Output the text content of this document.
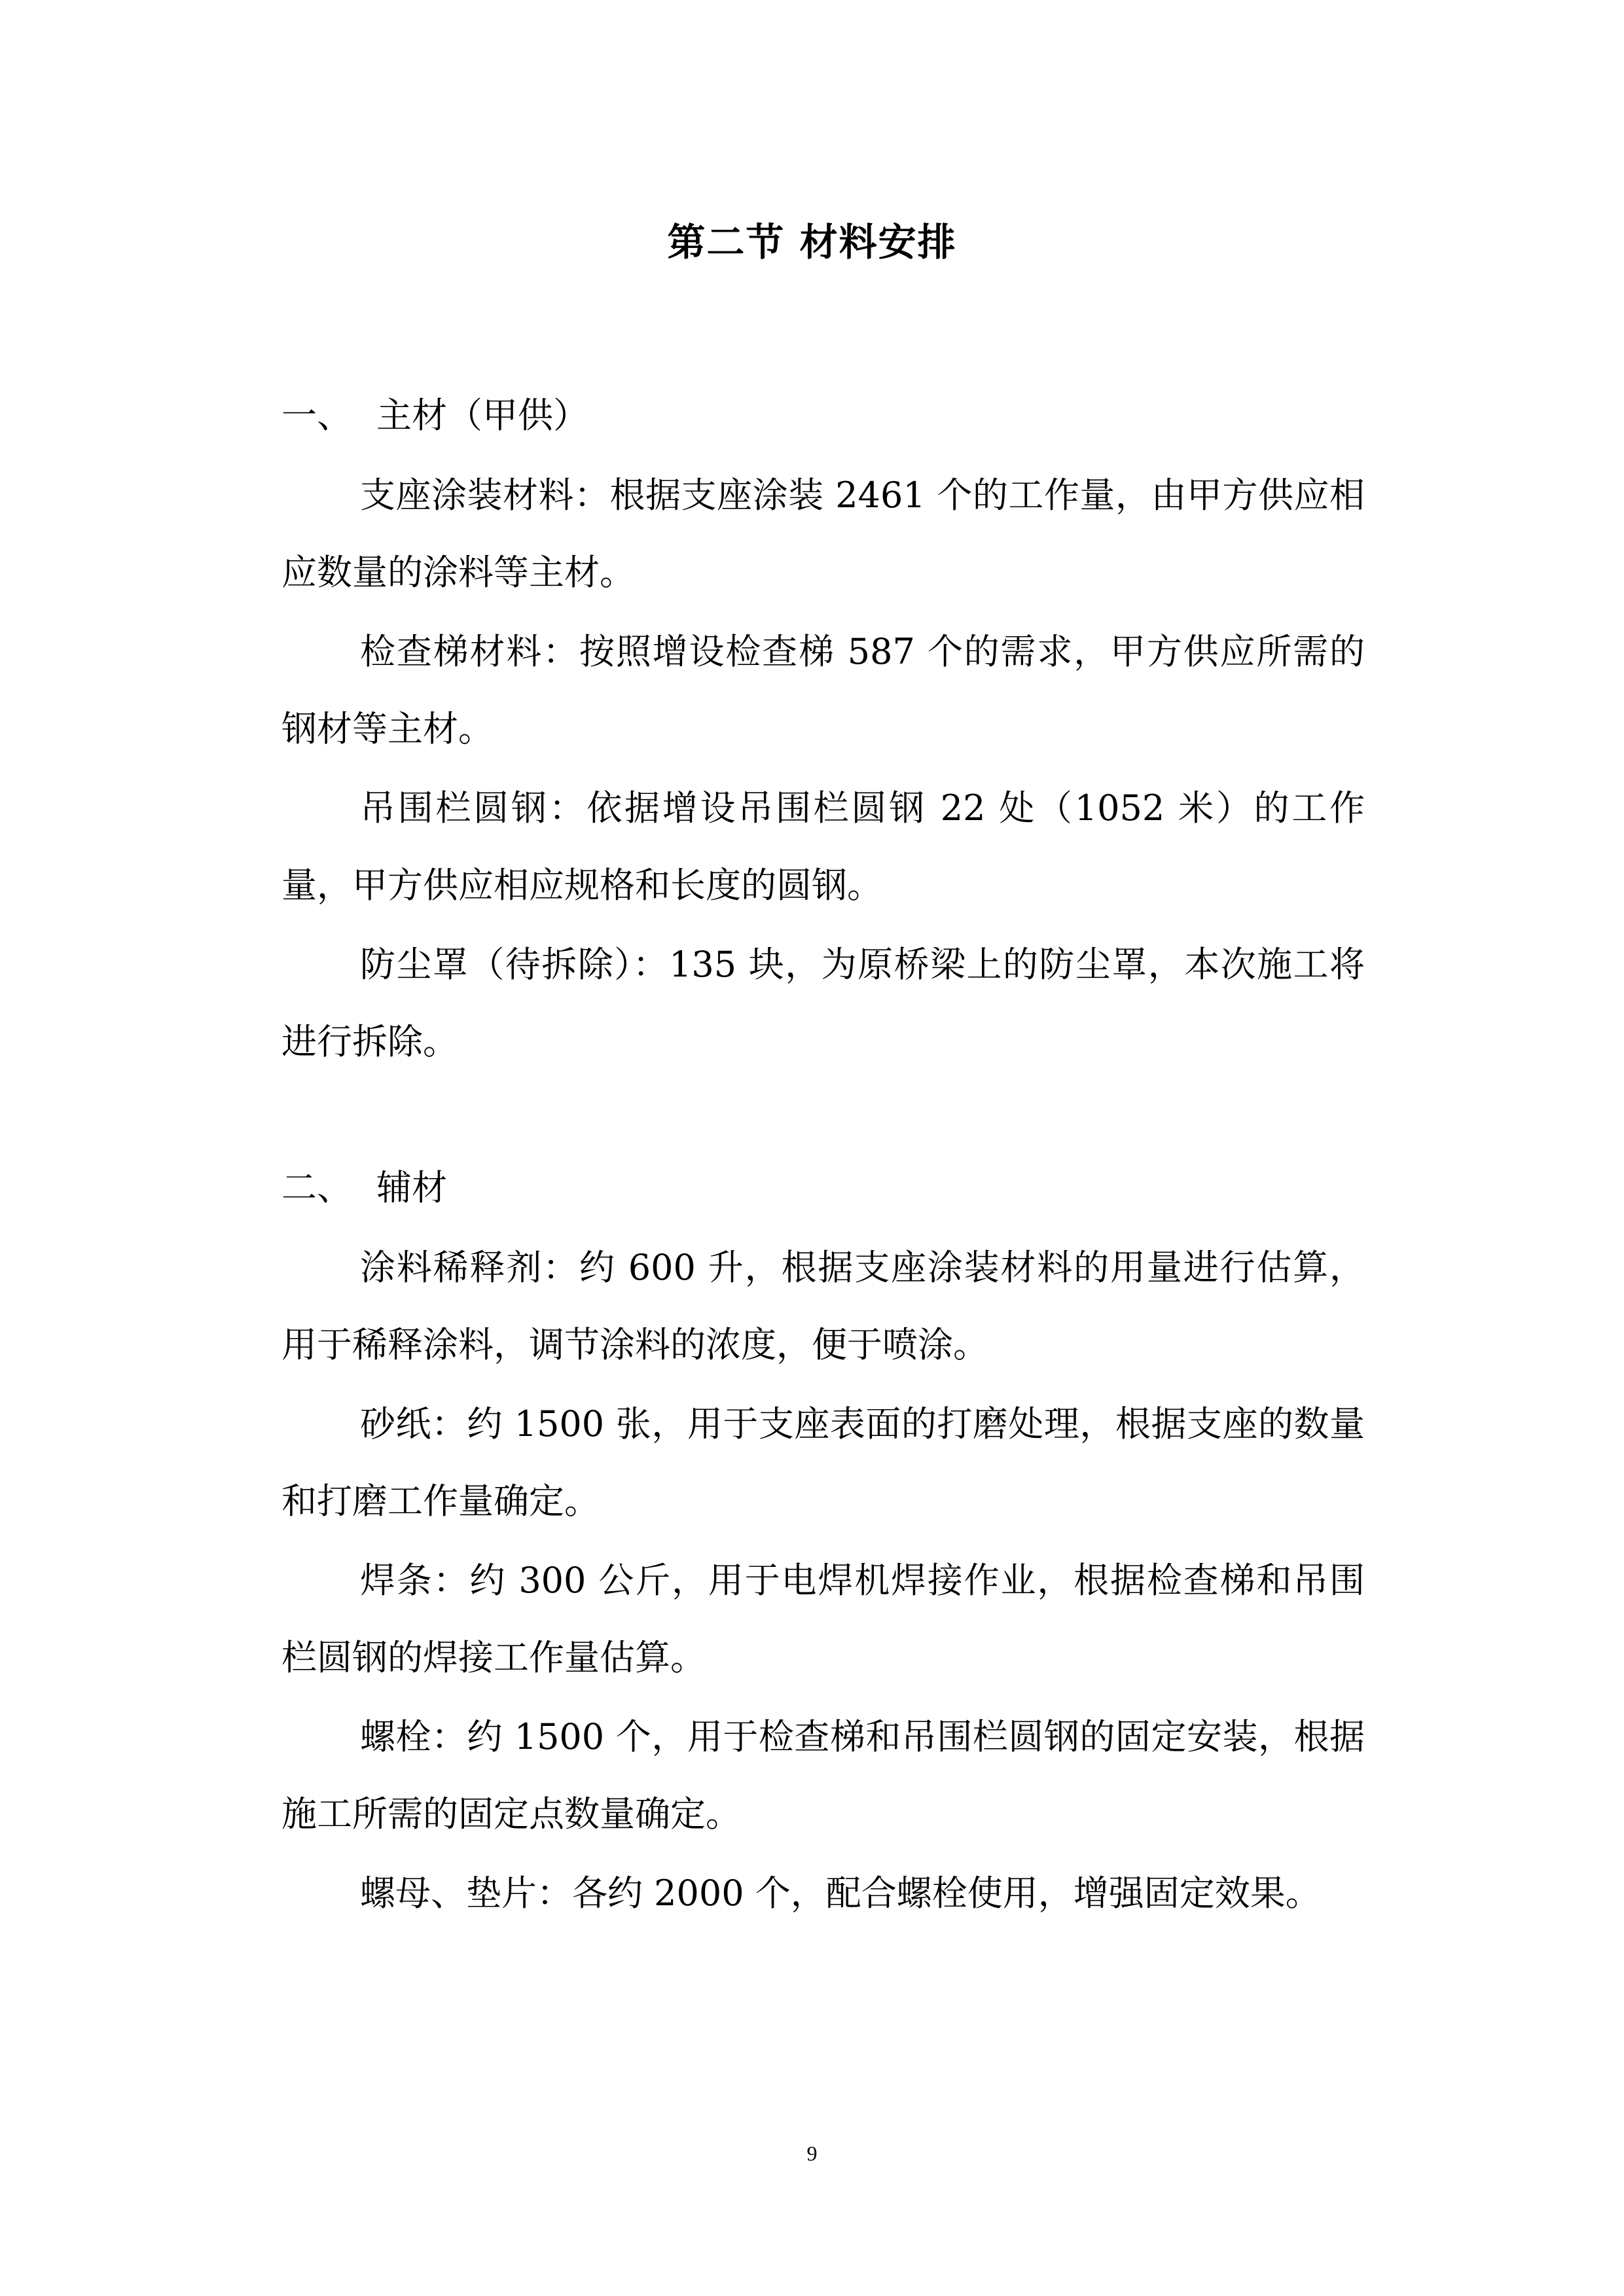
第二节 材料安排
一、 主材（甲供）

支座涂装材料：根据支座涂装 2461 个的工作量，由甲方供应相应数量的涂料等主材。

检查梯材料：按照增设检查梯 587 个的需求，甲方供应所需的钢材等主材。

吊围栏圆钢：依据增设吊围栏圆钢 22 处（1052 米）的工作量，甲方供应相应规格和长度的圆钢。

防尘罩（待拆除）：135 块，为原桥梁上的防尘罩，本次施工将进行拆除。

二、 辅材

涂料稀释剂：约 600 升，根据支座涂装材料的用量进行估算，用于稀释涂料，调节涂料的浓度，便于喷涂。

砂纸：约 1500 张，用于支座表面的打磨处理，根据支座的数量和打磨工作量确定。

焊条：约 300 公斤，用于电焊机焊接作业，根据检查梯和吊围栏圆钢的焊接工作量估算。

螺栓：约 1500 个，用于检查梯和吊围栏圆钢的固定安装，根据施工所需的固定点数量确定。

螺母、垫片：各约 2000 个，配合螺栓使用，增强固定效果。

9
